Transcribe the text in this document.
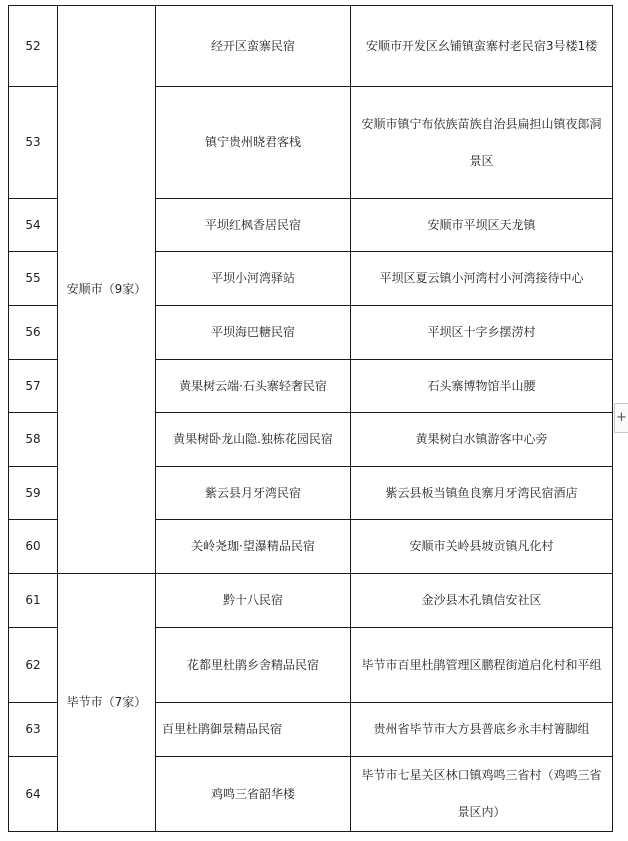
52	安顺市（9家）	经开区蛮寨民宿	安顺市开发区幺铺镇蛮寨村老民宿3号楼1楼
53		镇宁贵州晓君客栈	安顺市镇宁布依族苗族自治县扁担山镇夜郎洞景区
54		平坝红枫香居民宿	安顺市平坝区天龙镇
55		平坝小河湾驿站	平坝区夏云镇小河湾村小河湾接待中心
56		平坝海巴糖民宿	平坝区十字乡摆涝村
57		黄果树云端·石头寨轻奢民宿	石头寨博物馆半山腰
58		黄果树卧龙山隐.独栋花园民宿	黄果树白水镇游客中心旁
59		紫云县月牙湾民宿	紫云县板当镇鱼良寨月牙湾民宿酒店
60		关岭尧珈·望瀑精品民宿	安顺市关岭县坡贡镇凡化村
61	毕节市（7家）	黔十八民宿	金沙县木孔镇信安社区
62		花都里杜鹃乡舍精品民宿	毕节市百里杜鹃管理区鹏程街道启化村和平组
63		百里杜鹃御景精品民宿	贵州省毕节市大方县普底乡永丰村箐脚组
64		鸡鸣三省韶华楼	毕节市七星关区林口镇鸡鸣三省村（鸡鸣三省景区内）
+
